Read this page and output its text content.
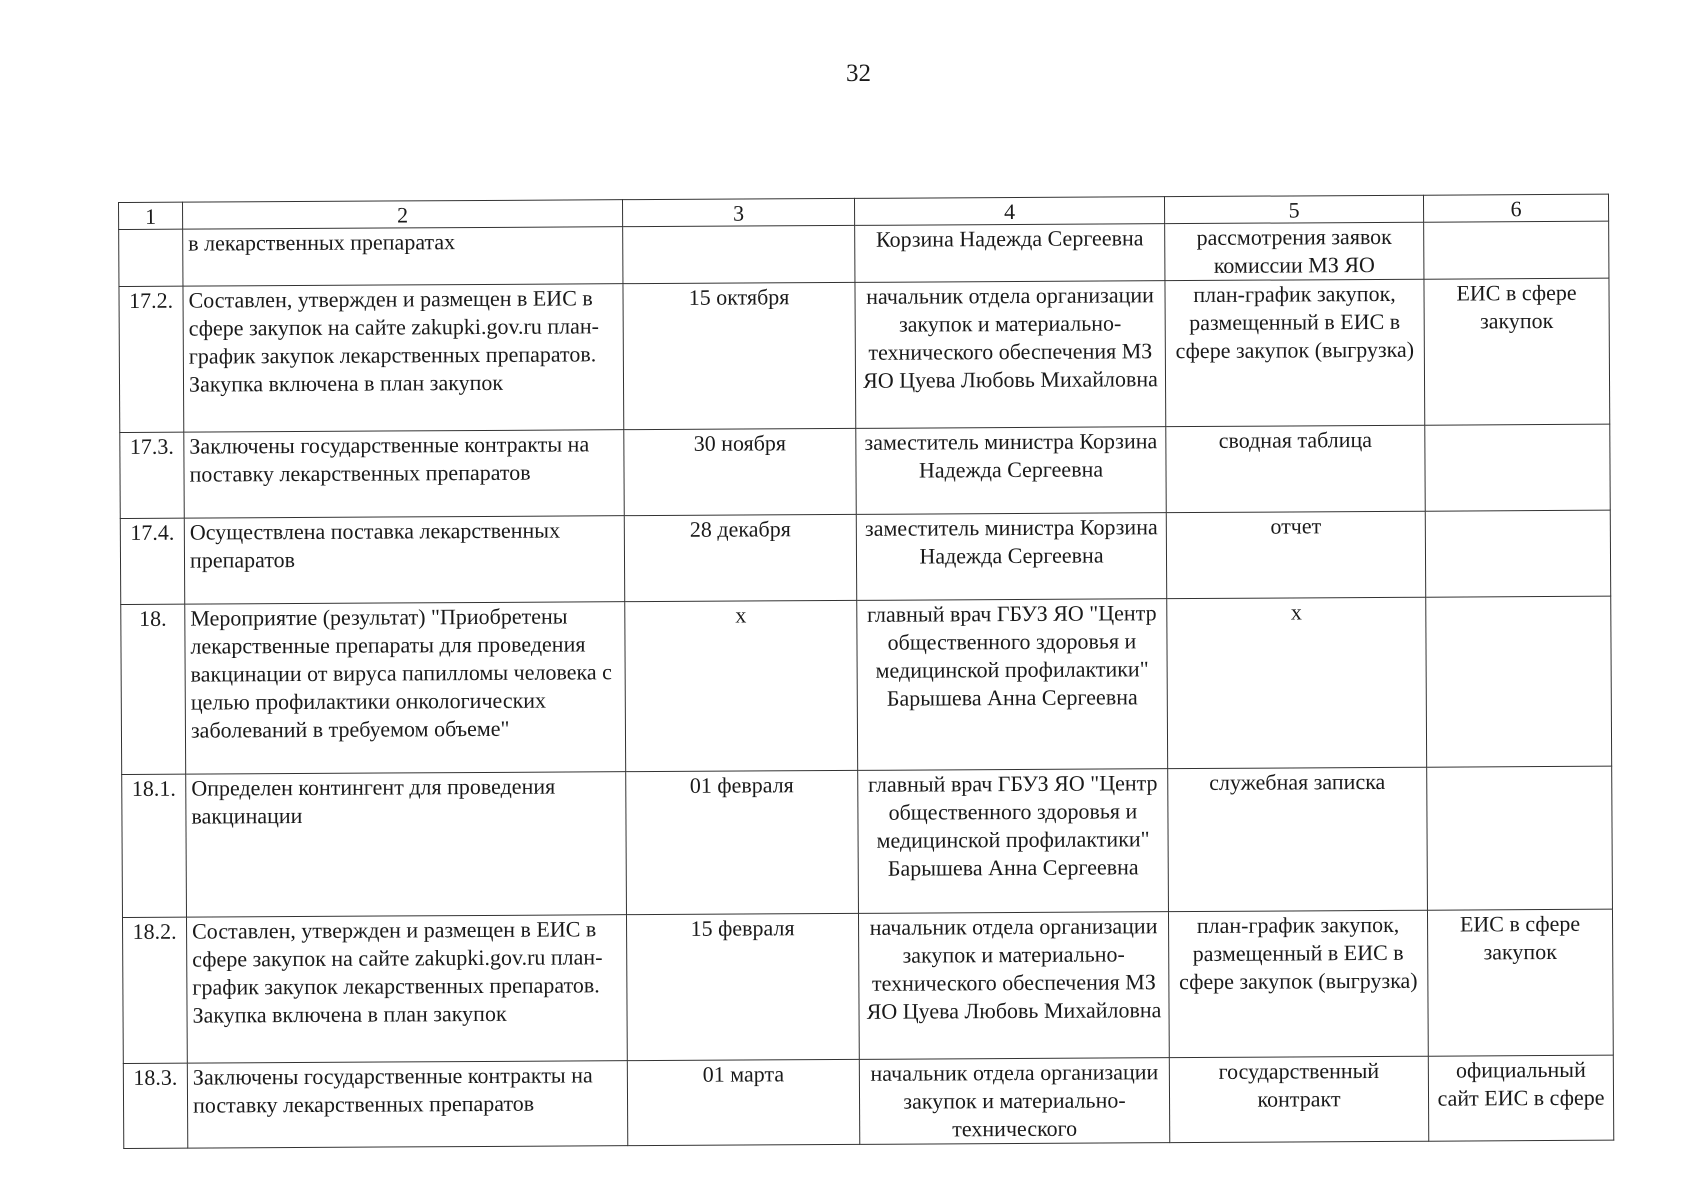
32
1	2	3	4	5	6
	в лекарственных препаратах		Корзина Надежда Сергеевна	рассмотрения заявок комиссии МЗ ЯО	
17.2.	Составлен, утвержден и размещен в ЕИС в сфере закупок на сайте zakupki.gov.ru план-график закупок лекарственных препаратов. Закупка включена в план закупок	15 октября	начальник отдела организации закупок и материально-технического обеспечения МЗ ЯО Цуева Любовь Михайловна	план-график закупок, размещенный в ЕИС в сфере закупок (выгрузка)	ЕИС в сфере закупок
17.3.	Заключены государственные контракты на поставку лекарственных препаратов	30 ноября	заместитель министра Корзина Надежда Сергеевна	сводная таблица	
17.4.	Осуществлена поставка лекарственных препаратов	28 декабря	заместитель министра Корзина Надежда Сергеевна	отчет	
18.	Мероприятие (результат) "Приобретены лекарственные препараты для проведения вакцинации от вируса папилломы человека с целью профилактики онкологических заболеваний в требуемом объеме"	х	главный врач ГБУЗ ЯО "Центр общественного здоровья и медицинской профилактики" Барышева Анна Сергеевна	х	
18.1.	Определен контингент для проведения вакцинации	01 февраля	главный врач ГБУЗ ЯО "Центр общественного здоровья и медицинской профилактики" Барышева Анна Сергеевна	служебная записка	
18.2.	Составлен, утвержден и размещен в ЕИС в сфере закупок на сайте zakupki.gov.ru план-график закупок лекарственных препаратов. Закупка включена в план закупок	15 февраля	начальник отдела организации закупок и материально-технического обеспечения МЗ ЯО Цуева Любовь Михайловна	план-график закупок, размещенный в ЕИС в сфере закупок (выгрузка)	ЕИС в сфере закупок
18.3.	Заключены государственные контракты на поставку лекарственных препаратов	01 марта	начальник отдела организации закупок и материально-технического	государственный контракт	официальный сайт ЕИС в сфере
